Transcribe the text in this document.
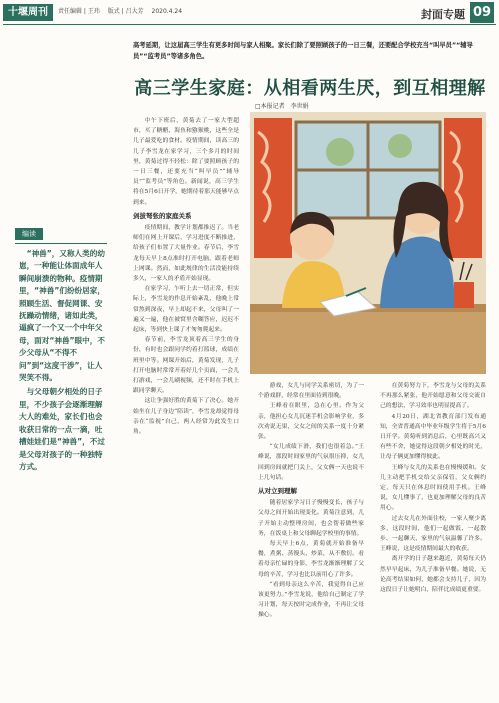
十堰周刊	责任编辑 | 王玮 版式 | 吕大芳 2020.4.24	封面专题 09
高考延期，让这届高三学生有更多时间与家人相聚。家长们除了要照顾孩子的一日三餐，还要配合学校充当“叫早员”“辅导员”“监考员”等诸多角色。
高三学生家庭：从相看两生厌，到互相理解
□本报记者　李世娟
编读

“神兽”，又称人类的幼崽，一种能让体面成年人瞬间崩溃的物种。疫情期里，“神兽”们纷纷居家，照顾生活、督促网课、安抚躁动情绪，诸如此类，逼疯了一个又一个中年父母，面对“神兽”眼中，不少父母从“不得不问”到“这度干涉”，让人哭笑不得。

与父母朝夕相处的日子里，不少孩子会逐渐理解大人的难处，家长们也会收获日常的一点一滴，吐槽娃娃们是“神兽”，不过是父母对孩子的一种独特方式。

中午下班后，黄菊去了一家大型超市，买了糖醋、海鱼和猕猴桃，这些全是儿子最爱吃的食材。疫情期间，读高三的儿子李雪龙在家学习，三个多月的时间里，黄菊过得不轻松：除了要照顾孩子的一日三餐，还要充当“叫早员”“辅导员”“监考员”等角色。新闻说，高三学生将在5月6日开学，她期待着那天能够早点到来。

剑拔弩张的家庭关系

疫情期间，教学计划都推迟了。当老师们在网上开课后，学习进度不断推进，给孩子们布置了大量作业。春节后，李雪龙每天早上8点准时打开电脑，跟着老师上网课。然而，如此规律的生活没能持续多久，一家人的矛盾开始显现。

在家学习，乍听上去一切正常，但实际上，李雪龙的作息开始紊乱，他晚上常常熬到深夜，早上却起不来，父母叫了一遍又一遍，他在被窝里含糊答应，迟迟不起床，等到快上课了才匆匆爬起来。

春节前，李雪龙顶着高三学生的身份，有时也会跟同学约着打篮球，成绩在班里中等。网课开始后，黄菊发现，儿子打开电脑时常常开着好几个页面，一会儿打游戏，一会儿刷视频，还不时在手机上跟同学聊天。

这让争强好胜的黄菊下了决心。她开始坐在儿子身边“陪读”，李雪龙却觉得母亲在“监视”自己，两人经常为此发生口角。

游戏，女儿与同学关系密切，为了一个游戏群，经常在里面待到很晚。

王峰看在眼里，急在心里。作为父亲，他担心女儿沉迷手机会影响学业，多次劝说无果，父女之间的关系一度十分紧张。

“女儿成绩下滑，我们也很着急。”王峰说，那段时间家里的气氛很压抑，女儿回到房间就把门关上，父女俩一天也说不上几句话。

从对立到理解

随着居家学习日子慢慢变长，孩子与父母之间开始出现变化。黄菊注意到，儿子开始主动整理房间，也会帮着做些家务，在饭桌上和父母聊起学校里的事情。

每天早上6点，黄菊就开始准备早餐，煮粥、蒸馒头、炒菜，从不敷衍。看着母亲忙碌的身影，李雪龙渐渐理解了父母的辛苦，学习也比以前用心了许多。

“看到母亲这么辛苦，我觉得自己应该更努力。”李雪龙说，他给自己制定了学习计划，每天按时完成作业，不再让父母操心。

在黄菊努力下，李雪龙与父母的关系不再那么紧张，他开始愿意和父母交流自己的想法，学习效率也明显提高了。

4月20日，湖北省教育部门发布通知，全省普通高中毕业年级学生将于5月6日开学。黄菊听到消息后，心里既高兴又有些不舍，她觉得这段朝夕相处的时光，让母子俩更加懂得彼此。

王峰与女儿的关系也在慢慢缓和。女儿主动把手机交给父亲保管，父女俩约定，每天只在休息时间使用手机。王峰说，女儿懂事了，也更加理解父母的良苦用心。

过去女儿在外面住校，一家人聚少离多，这段时间，他们一起做饭、一起散步、一起聊天，家里的气氛温馨了许多。王峰说，这是疫情期间最大的收获。

离开学的日子越来越近，黄菊每天仍然早早起床，为儿子准备早餐。她说，无论高考结果如何，她都会支持儿子，因为这段日子让她明白，陪伴比成绩更重要。
